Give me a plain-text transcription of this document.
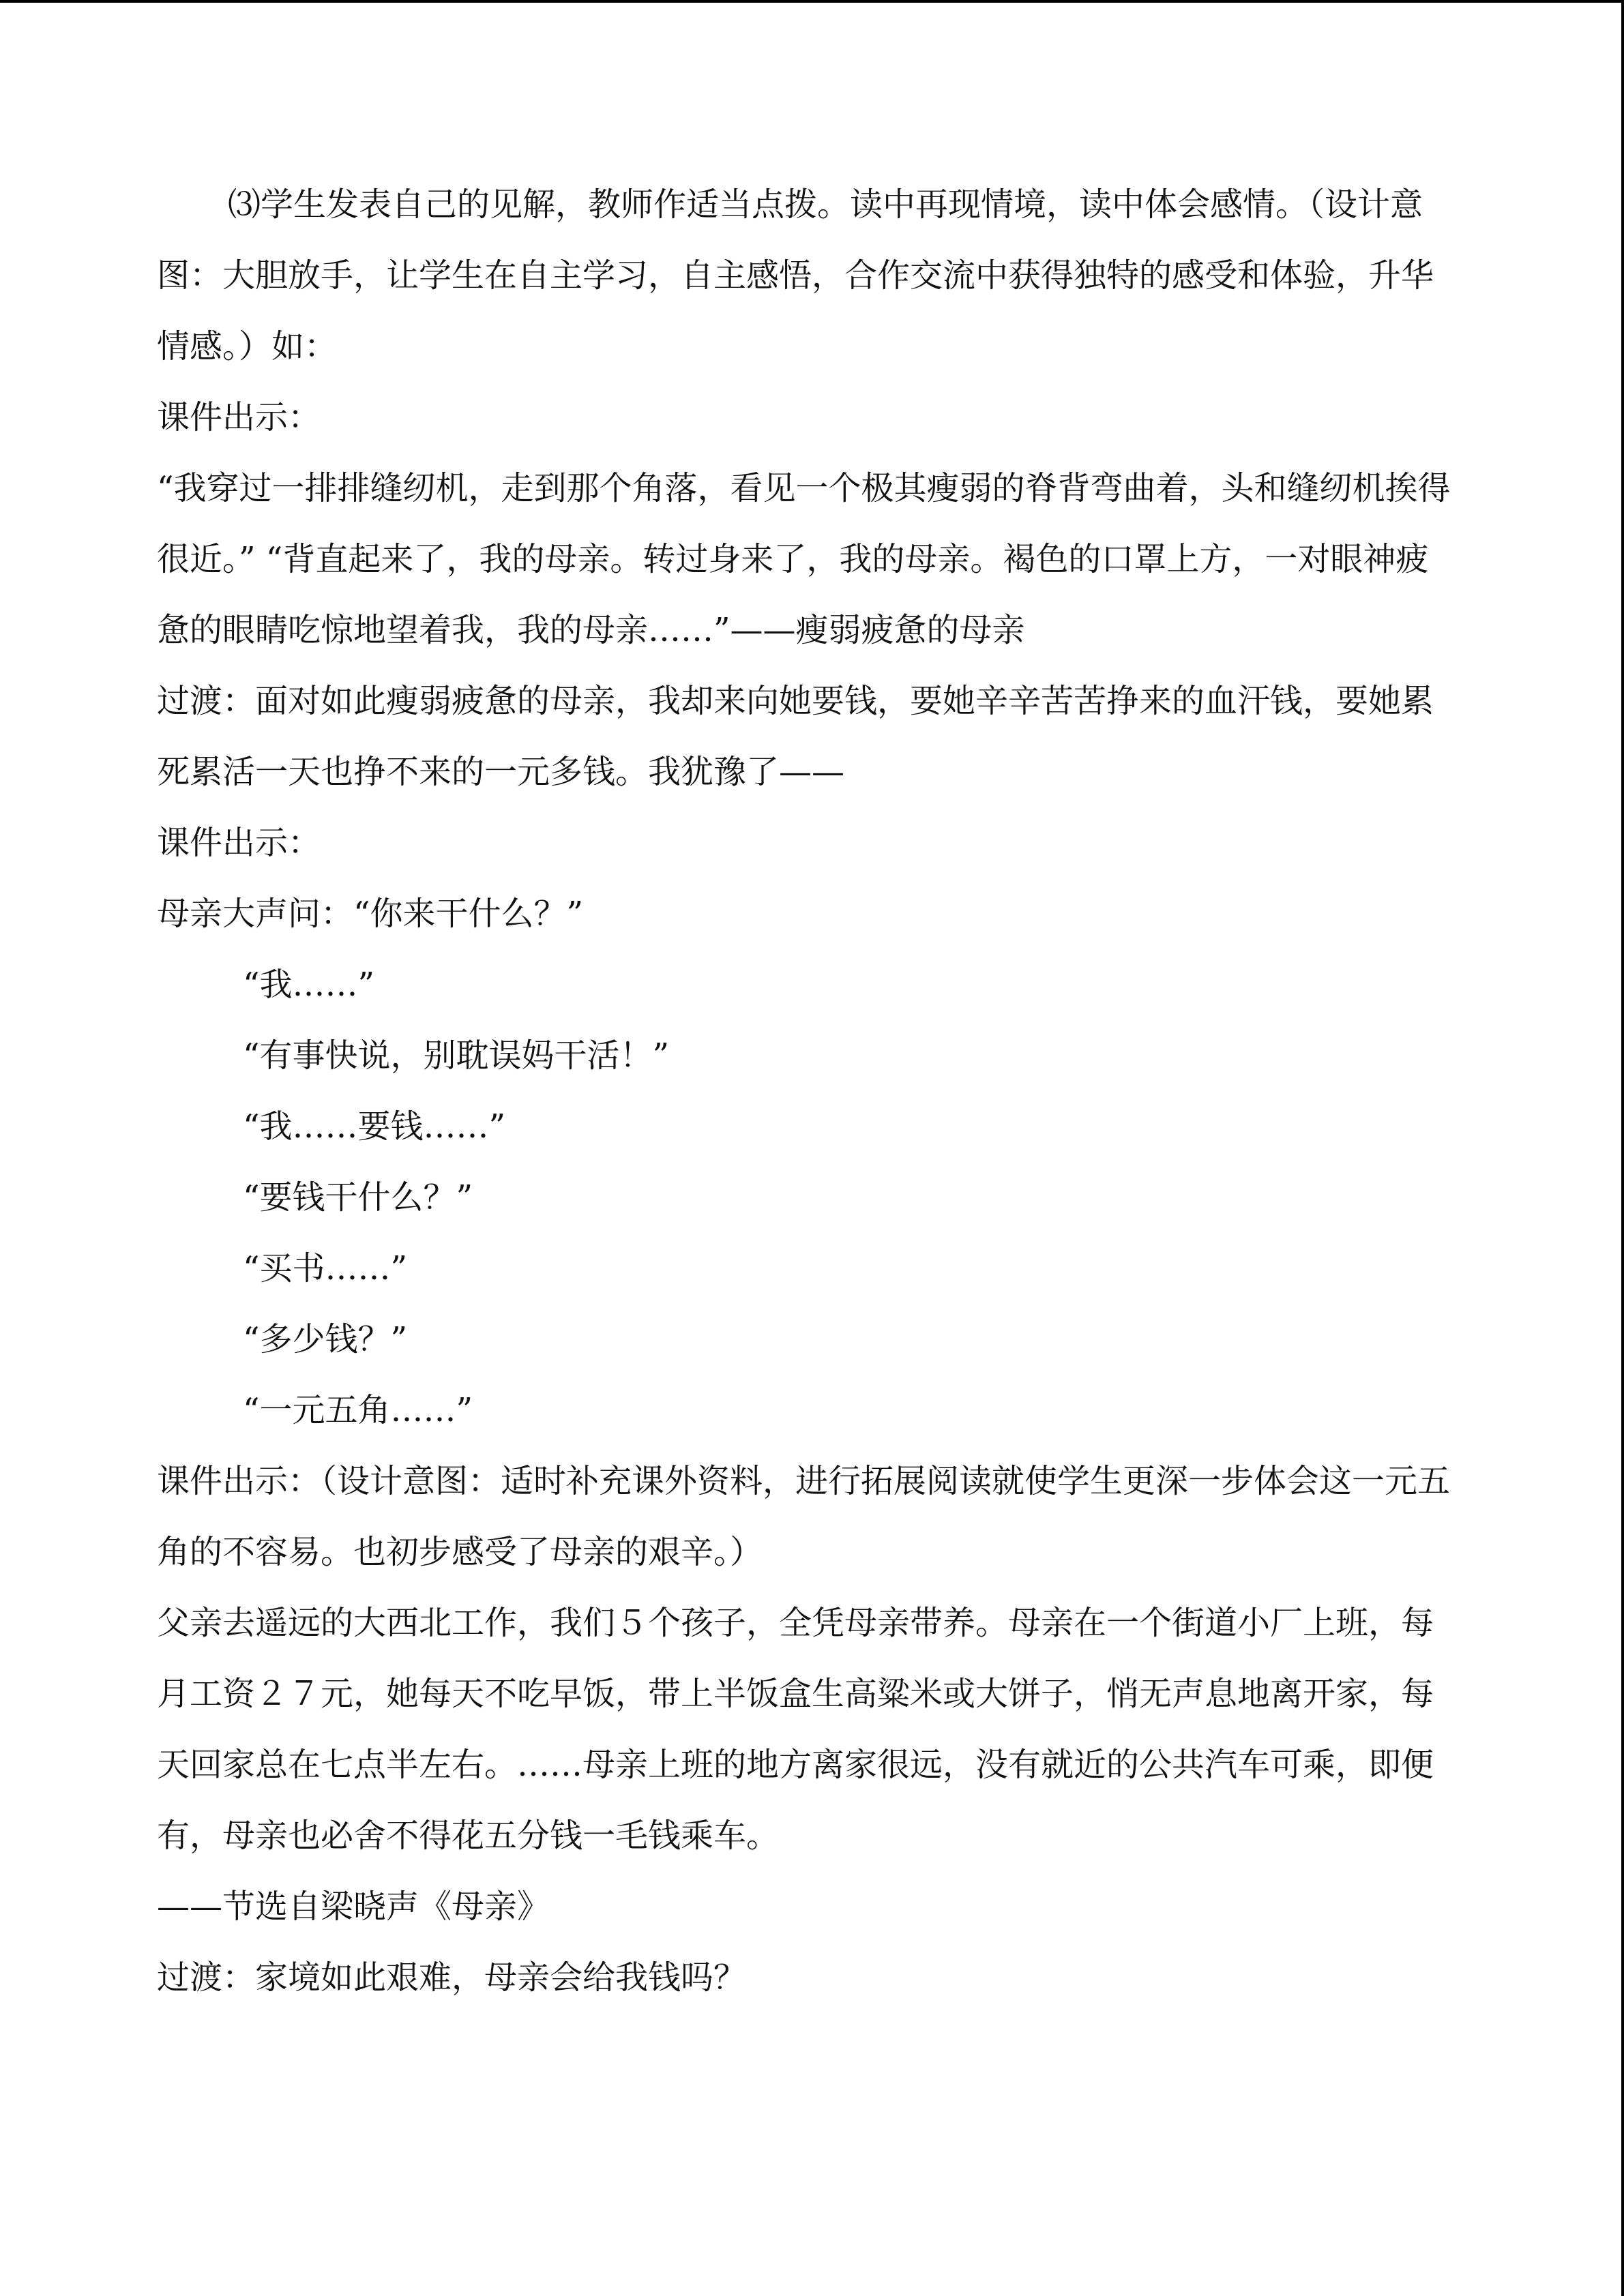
⑶学生发表自己的见解，教师作适当点拨。读中再现情境，读中体会感情。（设计意图：大胆放手，让学生在自主学习，自主感悟，合作交流中获得独特的感受和体验，升华情感。）如：

课件出示：

“我穿过一排排缝纫机，走到那个角落，看见一个极其瘦弱的脊背弯曲着，头和缝纫机挨得很近。” “背直起来了，我的母亲。转过身来了，我的母亲。褐色的口罩上方，一对眼神疲惫的眼睛吃惊地望着我，我的母亲……”——瘦弱疲惫的母亲

过渡：面对如此瘦弱疲惫的母亲，我却来向她要钱，要她辛辛苦苦挣来的血汗钱，要她累死累活一天也挣不来的一元多钱。我犹豫了——

课件出示：

母亲大声问：“你来干什么？”

“我……”

“有事快说，别耽误妈干活！”

“我……要钱……”

“要钱干什么？”

“买书……”

“多少钱？”

“一元五角……”

课件出示：（设计意图：适时补充课外资料，进行拓展阅读就使学生更深一步体会这一元五角的不容易。也初步感受了母亲的艰辛。）

父亲去遥远的大西北工作，我们５个孩子，全凭母亲带养。母亲在一个街道小厂上班，每月工资２７元，她每天不吃早饭，带上半饭盒生高粱米或大饼子，悄无声息地离开家，每天回家总在七点半左右。……母亲上班的地方离家很远，没有就近的公共汽车可乘，即便有，母亲也必舍不得花五分钱一毛钱乘车。

——节选自梁晓声《母亲》

过渡：家境如此艰难，母亲会给我钱吗？
